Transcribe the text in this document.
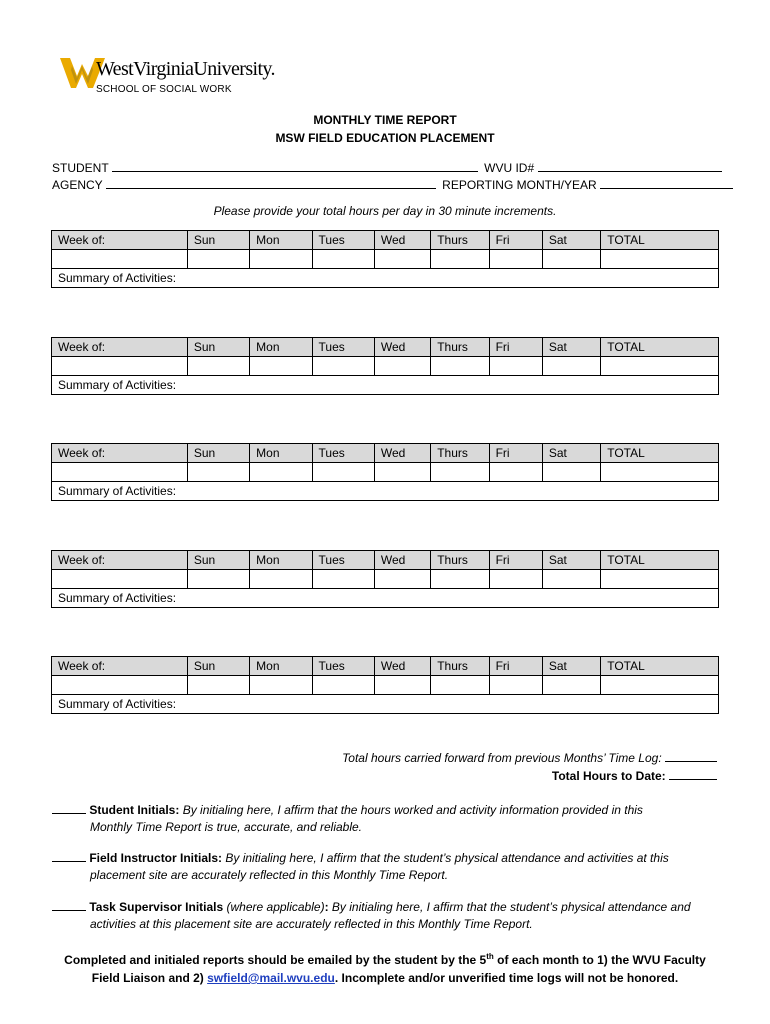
WestVirginiaUniversity.
SCHOOL OF SOCIAL WORK
MONTHLY TIME REPORT
MSW FIELD EDUCATION PLACEMENT
STUDENT	WVU ID#
AGENCY	REPORTING MONTH/YEAR
Please provide your total hours per day in 30 minute increments.
Week of:	Sun	Mon	Tues	Wed	Thurs	Fri	Sat	TOTAL

Summary of Activities:								
Week of:	Sun	Mon	Tues	Wed	Thurs	Fri	Sat	TOTAL

Summary of Activities:								
Week of:	Sun	Mon	Tues	Wed	Thurs	Fri	Sat	TOTAL

Summary of Activities:								
Week of:	Sun	Mon	Tues	Wed	Thurs	Fri	Sat	TOTAL

Summary of Activities:								
Week of:	Sun	Mon	Tues	Wed	Thurs	Fri	Sat	TOTAL

Summary of Activities:								
Total hours carried forward from previous Months’ Time Log:
Total Hours to Date:
Student Initials: By initialing here, I affirm that the hours worked and activity information provided in this
Monthly Time Report is true, accurate, and reliable.
Field Instructor Initials: By initialing here, I affirm that the student’s physical attendance and activities at this
placement site are accurately reflected in this Monthly Time Report.
Task Supervisor Initials (where applicable): By initialing here, I affirm that the student’s physical attendance and
activities at this placement site are accurately reflected in this Monthly Time Report.
Completed and initialed reports should be emailed by the student by the 5th of each month to 1) the WVU Faculty
Field Liaison and 2) swfield@mail.wvu.edu. Incomplete and/or unverified time logs will not be honored.
